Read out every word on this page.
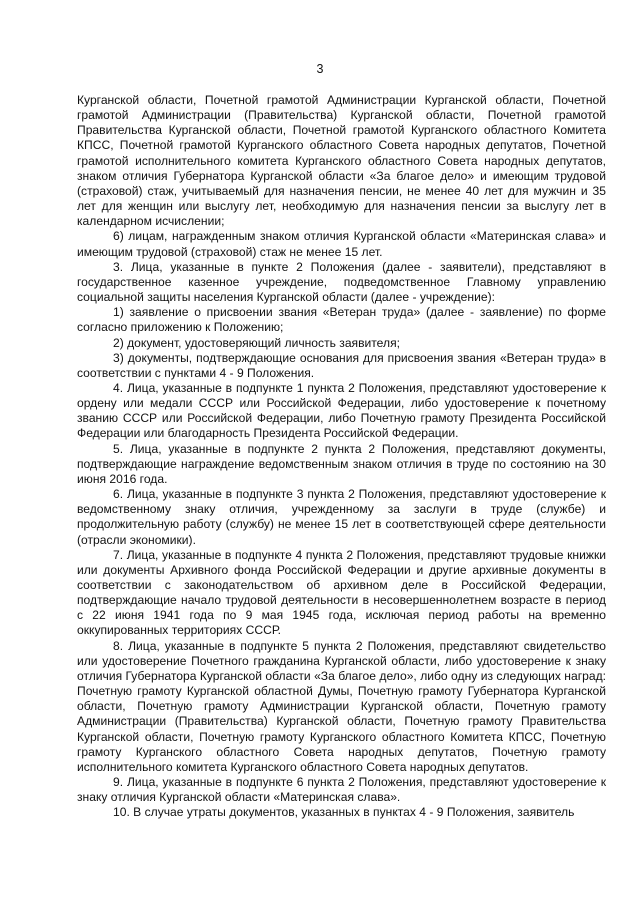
3

Курганской области, Почетной грамотой Администрации Курганской области, Почетной грамотой Администрации (Правительства) Курганской области, Почетной грамотой Правительства Курганской области, Почетной грамотой Курганского областного Комитета КПСС, Почетной грамотой Курганского областного Совета народных депутатов, Почетной грамотой исполнительного комитета Курганского областного Совета народных депутатов, знаком отличия Губернатора Курганской области «За благое дело» и имеющим трудовой (страховой) стаж, учитываемый для назначения пенсии, не менее 40 лет для мужчин и 35 лет для женщин или выслугу лет, необходимую для назначения пенсии за выслугу лет в календарном исчислении;

6) лицам, награжденным знаком отличия Курганской области «Материнская слава» и имеющим трудовой (страховой) стаж не менее 15 лет.

3. Лица, указанные в пункте 2 Положения (далее - заявители), представляют в государственное казенное учреждение, подведомственное Главному управлению социальной защиты населения Курганской области (далее - учреждение):

1) заявление о присвоении звания «Ветеран труда» (далее - заявление) по форме согласно приложению к Положению;

2) документ, удостоверяющий личность заявителя;

3) документы, подтверждающие основания для присвоения звания «Ветеран труда» в соответствии с пунктами 4 - 9 Положения.

4. Лица, указанные в подпункте 1 пункта 2 Положения, представляют удостоверение к ордену или медали СССР или Российской Федерации, либо удостоверение к почетному званию СССР или Российской Федерации, либо Почетную грамоту Президента Российской Федерации или благодарность Президента Российской Федерации.

5. Лица, указанные в подпункте 2 пункта 2 Положения, представляют документы, подтверждающие награждение ведомственным знаком отличия в труде по состоянию на 30 июня 2016 года.

6. Лица, указанные в подпункте 3 пункта 2 Положения, представляют удостоверение к ведомственному знаку отличия, учрежденному за заслуги в труде (службе) и продолжительную работу (службу) не менее 15 лет в соответствующей сфере деятельности (отрасли экономики).

7. Лица, указанные в подпункте 4 пункта 2 Положения, представляют трудовые книжки или документы Архивного фонда Российской Федерации и другие архивные документы в соответствии с законодательством об архивном деле в Российской Федерации, подтверждающие начало трудовой деятельности в несовершеннолетнем возрасте в период с 22 июня 1941 года по 9 мая 1945 года, исключая период работы на временно оккупированных территориях СССР.

8. Лица, указанные в подпункте 5 пункта 2 Положения, представляют свидетельство или удостоверение Почетного гражданина Курганской области, либо удостоверение к знаку отличия Губернатора Курганской области «За благое дело», либо одну из следующих наград: Почетную грамоту Курганской областной Думы, Почетную грамоту Губернатора Курганской области, Почетную грамоту Администрации Курганской области, Почетную грамоту Администрации (Правительства) Курганской области, Почетную грамоту Правительства Курганской области, Почетную грамоту Курганского областного Комитета КПСС, Почетную грамоту Курганского областного Совета народных депутатов, Почетную грамоту исполнительного комитета Курганского областного Совета народных депутатов.

9. Лица, указанные в подпункте 6 пункта 2 Положения, представляют удостоверение к знаку отличия Курганской области «Материнская слава».

10. В случае утраты документов, указанных в пунктах 4 - 9 Положения, заявитель
